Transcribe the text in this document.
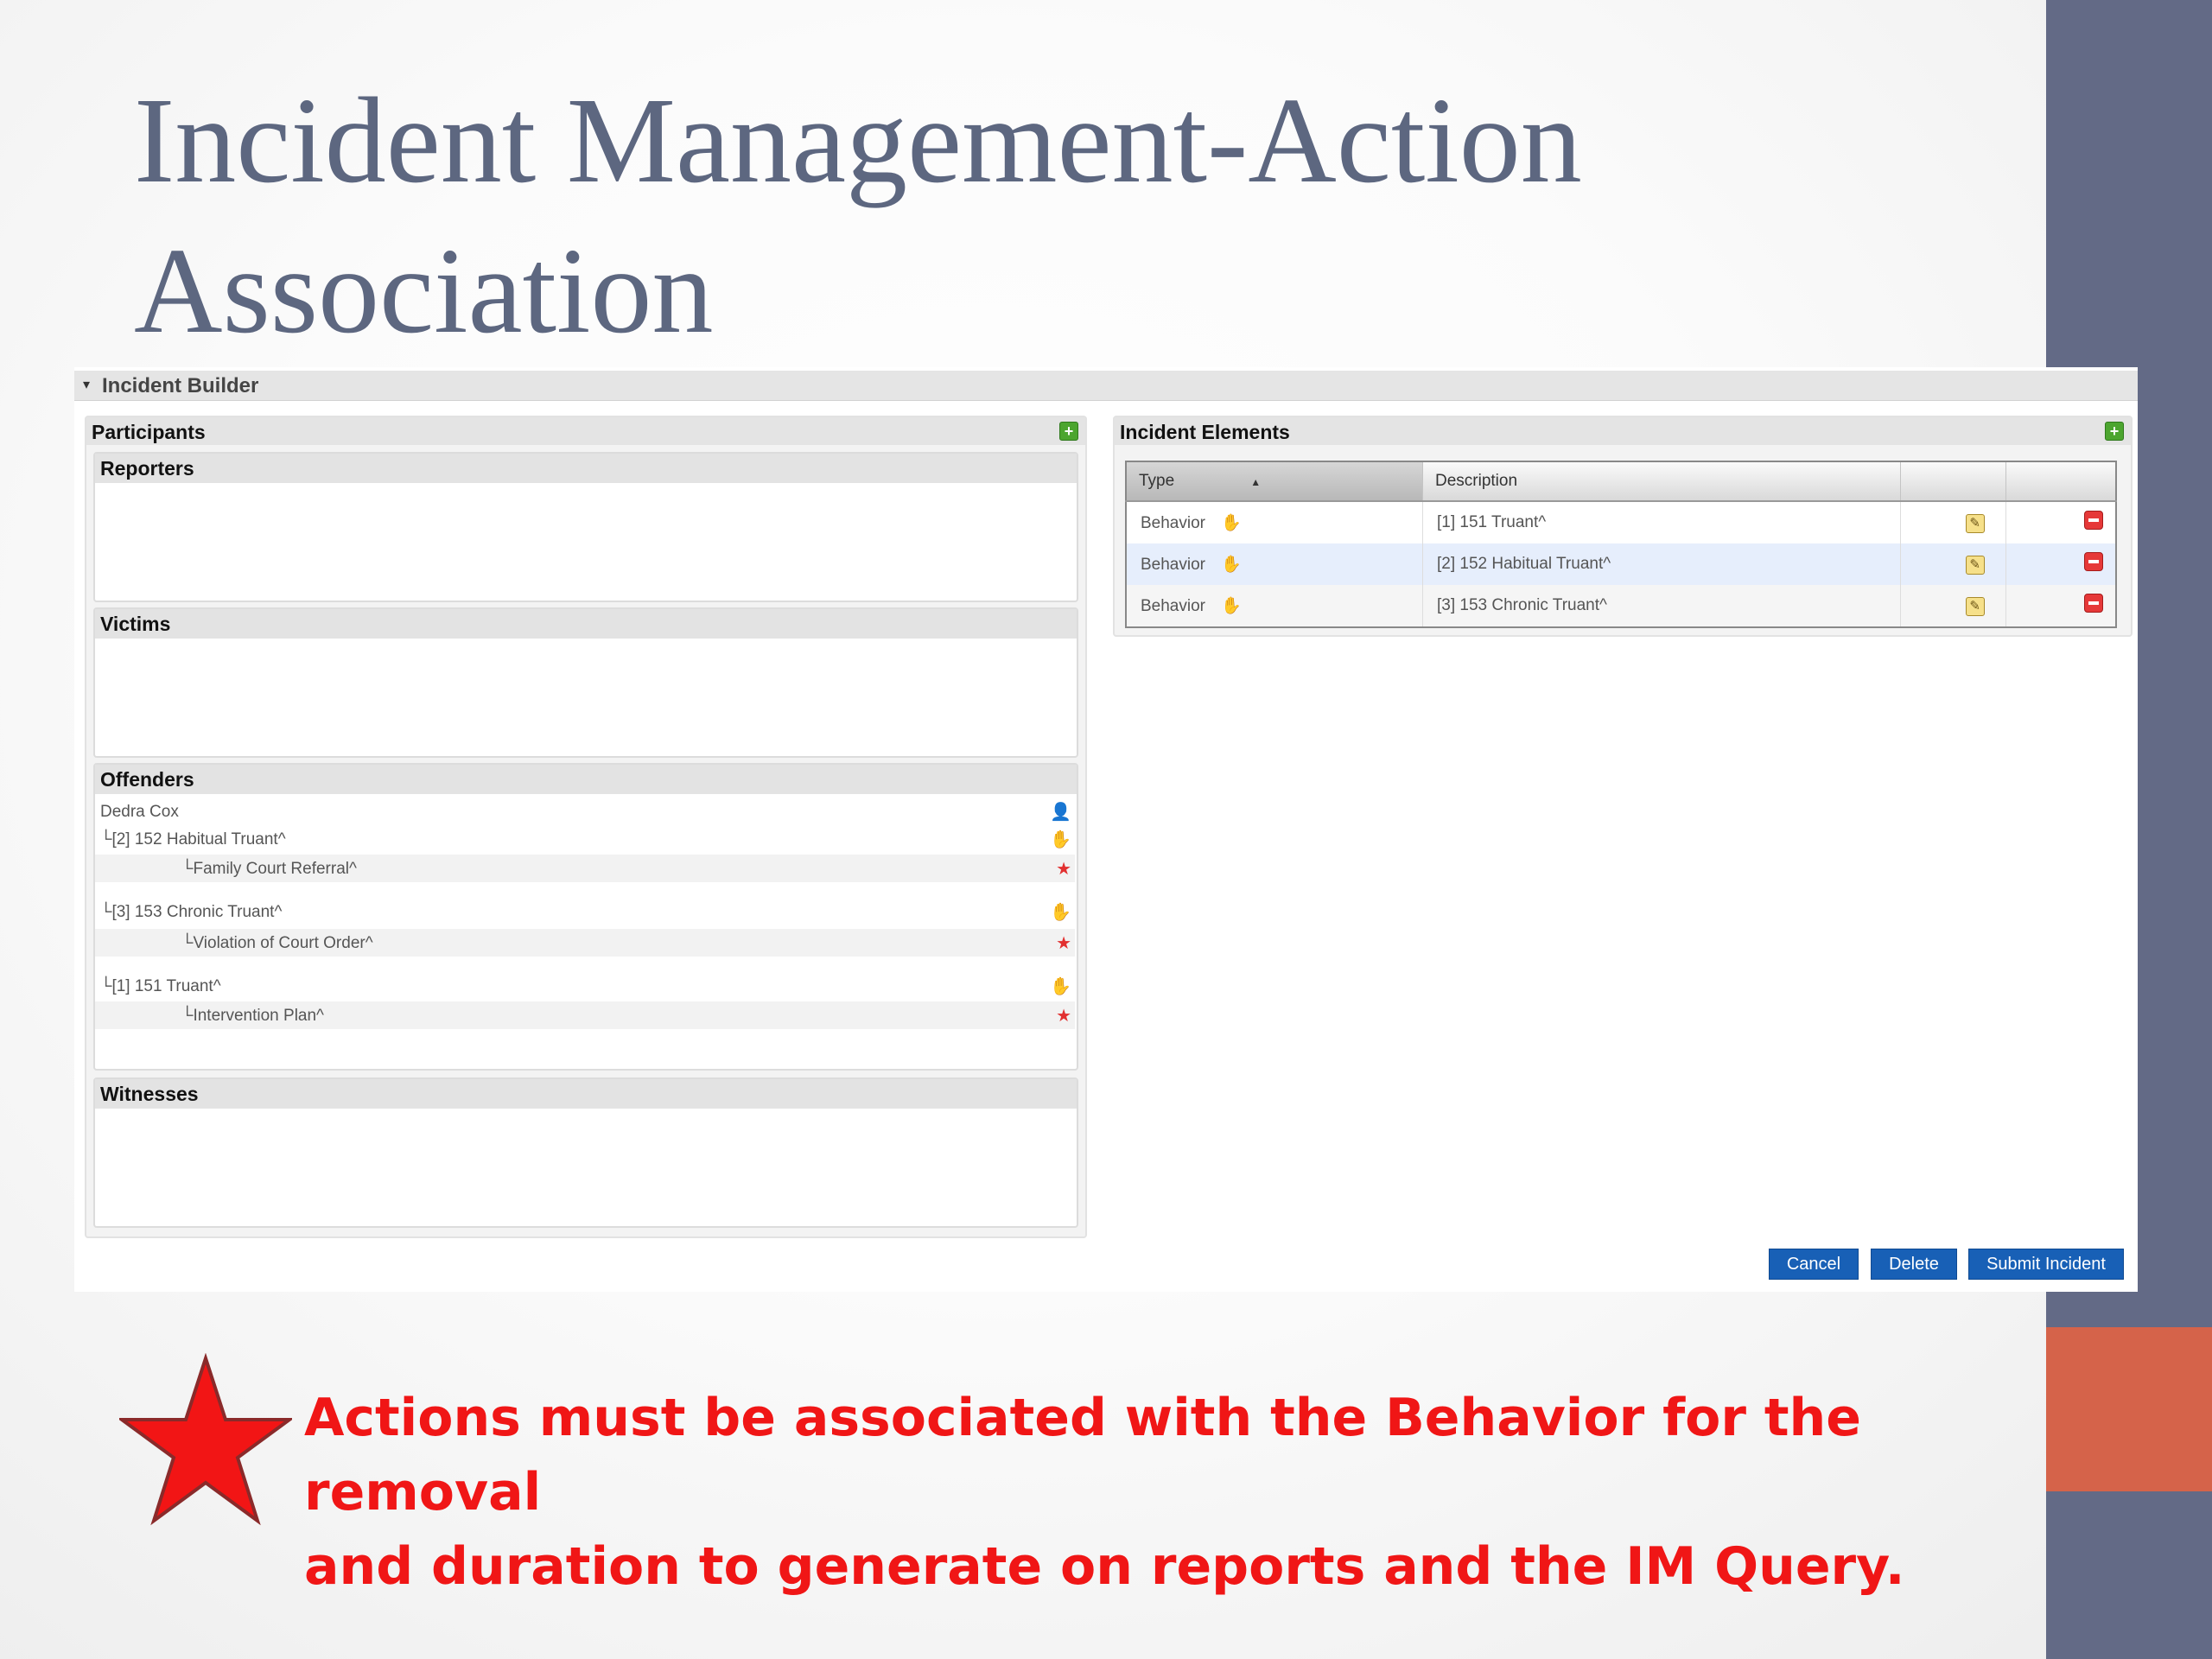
Incident Management-Action Association
▾ Incident Builder
Participants	+
Reporters
Victims
Offenders
Dedra Cox	👤
└[2] 152 Habitual Truant^	✋
└Family Court Referral^	★
└[3] 153 Chronic Truant^	✋
└Violation of Court Order^	★
└[1] 151 Truant^	✋
└Intervention Plan^	★
Witnesses
Incident Elements	+
Type ▲	Description		
Behavior ✋	[1] 151 Truant^	✎	
Behavior ✋	[2] 152 Habitual Truant^	✎	
Behavior ✋	[3] 153 Chronic Truant^	✎	
Cancel	Delete	Submit Incident

Actions must be associated with the Behavior for the removal
and duration to generate on reports and the IM Query.
